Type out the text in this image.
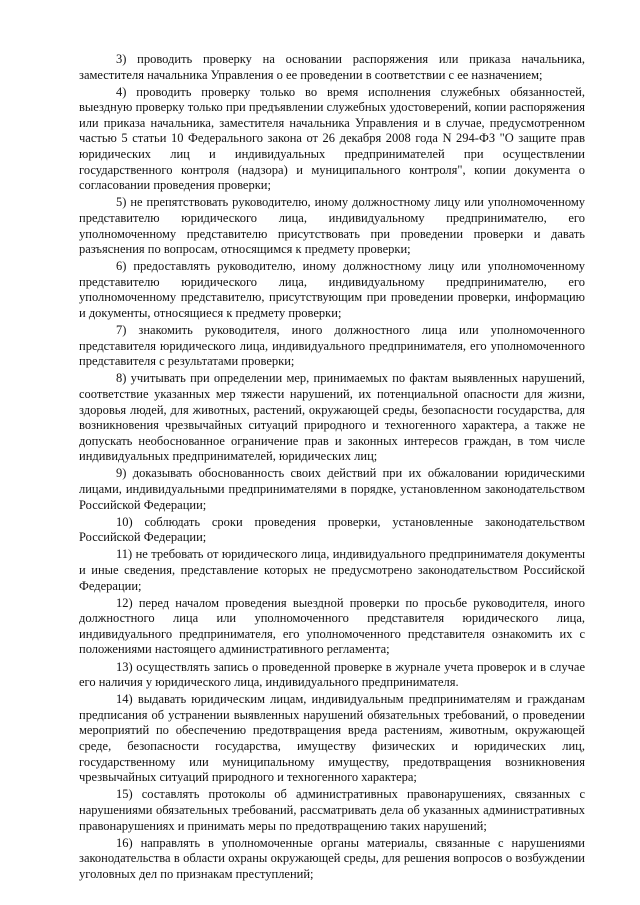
3) проводить проверку на основании распоряжения или приказа начальника, заместителя начальника Управления о ее проведении в соответствии с ее назначением;

4) проводить проверку только во время исполнения служебных обязанностей, выездную проверку только при предъявлении служебных удостоверений, копии распоряжения или приказа начальника, заместителя начальника Управления и в случае, предусмотренном частью 5 статьи 10 Федерального закона от 26 декабря 2008 года N 294-ФЗ "О защите прав юридических лиц и индивидуальных предпринимателей при осуществлении государственного контроля (надзора) и муниципального контроля", копии документа о согласовании проведения проверки;

5) не препятствовать руководителю, иному должностному лицу или уполномоченному представителю юридического лица, индивидуальному предпринимателю, его уполномоченному представителю присутствовать при проведении проверки и давать разъяснения по вопросам, относящимся к предмету проверки;

6) предоставлять руководителю, иному должностному лицу или уполномоченному представителю юридического лица, индивидуальному предпринимателю, его уполномоченному представителю, присутствующим при проведении проверки, информацию и документы, относящиеся к предмету проверки;

7) знакомить руководителя, иного должностного лица или уполномоченного представителя юридического лица, индивидуального предпринимателя, его уполномоченного представителя с результатами проверки;

8) учитывать при определении мер, принимаемых по фактам выявленных нарушений, соответствие указанных мер тяжести нарушений, их потенциальной опасности для жизни, здоровья людей, для животных, растений, окружающей среды, безопасности государства, для возникновения чрезвычайных ситуаций природного и техногенного характера, а также не допускать необоснованное ограничение прав и законных интересов граждан, в том числе индивидуальных предпринимателей, юридических лиц;

9) доказывать обоснованность своих действий при их обжаловании юридическими лицами, индивидуальными предпринимателями в порядке, установленном законодательством Российской Федерации;

10) соблюдать сроки проведения проверки, установленные законодательством Российской Федерации;

11) не требовать от юридического лица, индивидуального предпринимателя документы и иные сведения, представление которых не предусмотрено законодательством Российской Федерации;

12) перед началом проведения выездной проверки по просьбе руководителя, иного должностного лица или уполномоченного представителя юридического лица, индивидуального предпринимателя, его уполномоченного представителя ознакомить их с положениями настоящего административного регламента;

13) осуществлять запись о проведенной проверке в журнале учета проверок и в случае его наличия у юридического лица, индивидуального предпринимателя.

14) выдавать юридическим лицам, индивидуальным предпринимателям и гражданам предписания об устранении выявленных нарушений обязательных требований, о проведении мероприятий по обеспечению предотвращения вреда растениям, животным, окружающей среде, безопасности государства, имуществу физических и юридических лиц, государственному или муниципальному имуществу, предотвращения возникновения чрезвычайных ситуаций природного и техногенного характера;

15) составлять протоколы об административных правонарушениях, связанных с нарушениями обязательных требований, рассматривать дела об указанных административных правонарушениях и принимать меры по предотвращению таких нарушений;

16) направлять в уполномоченные органы материалы, связанные с нарушениями законодательства в области охраны окружающей среды, для решения вопросов о возбуждении уголовных дел по признакам преступлений;
